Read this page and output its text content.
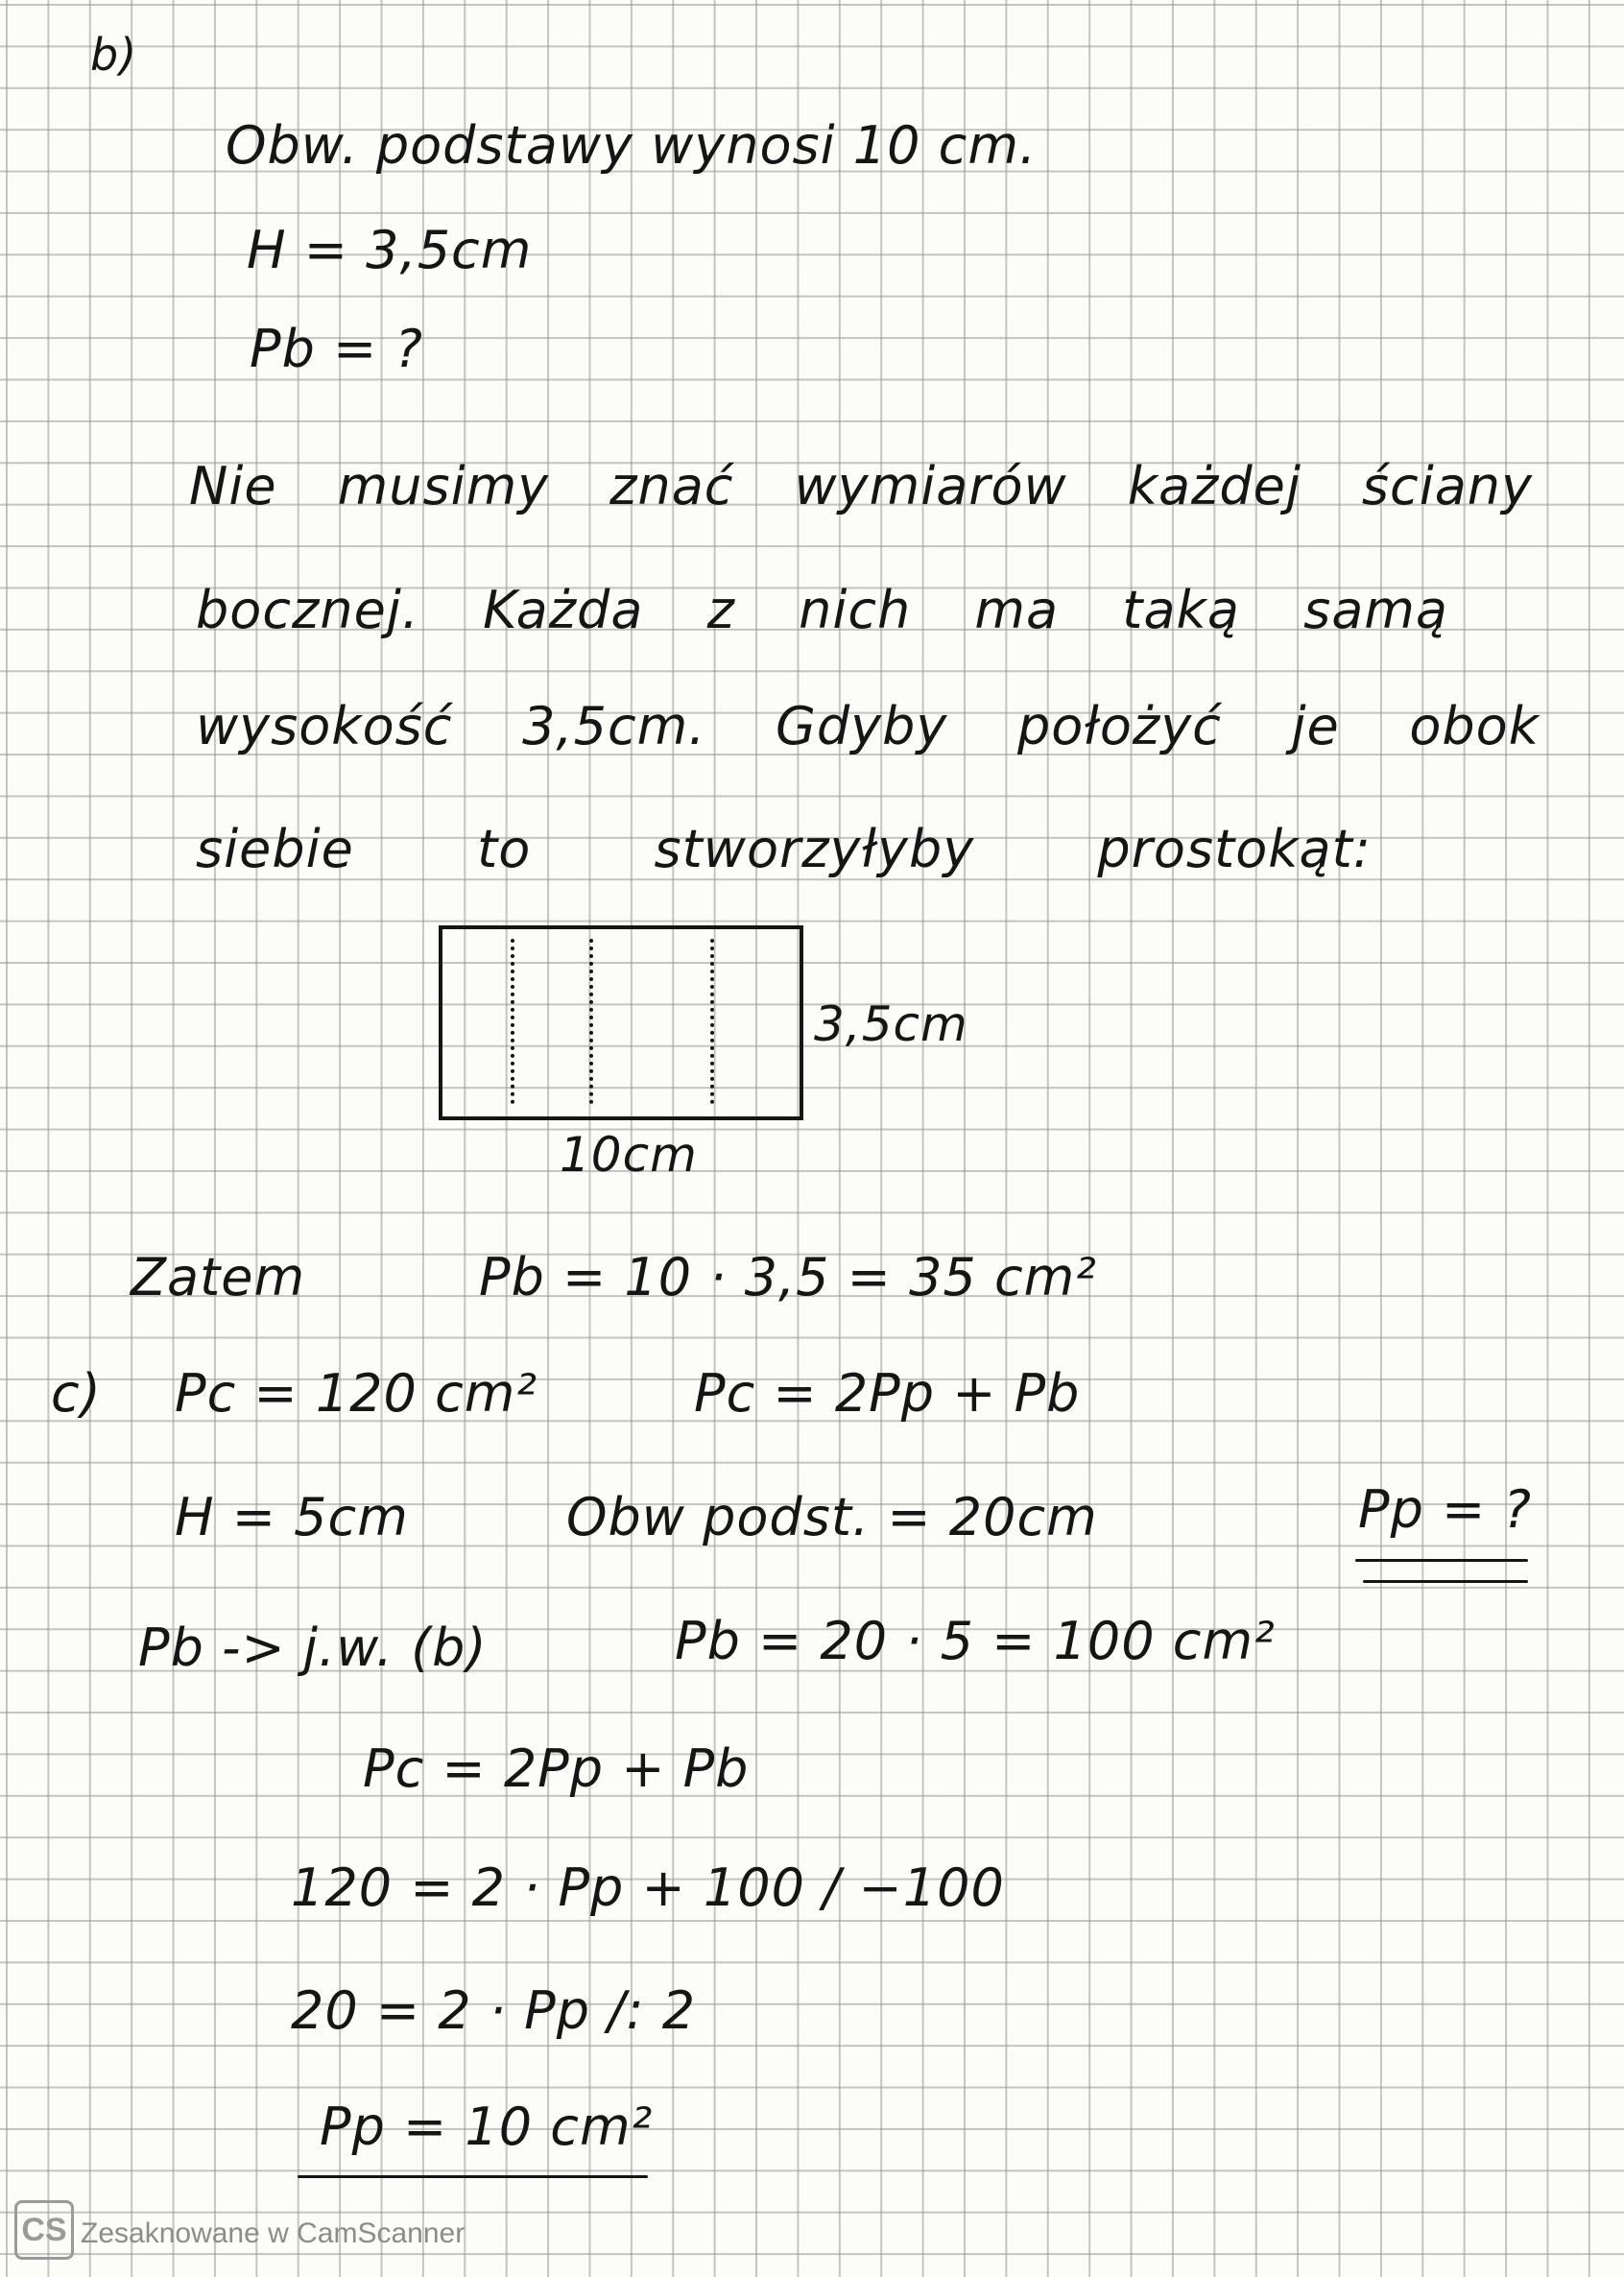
b)
Obw. podstawy wynosi 10 cm.
H = 3,5cm
Pb = ?
Nie musimy znać wymiarów każdej ściany
bocznej. Każda z nich ma taką samą
wysokość 3,5cm. Gdyby położyć je obok
siebie to stworzyłyby prostokąt:
3,5cm
10cm
Zatem	Pb = 10 · 3,5 = 35 cm²
c) Pc = 120 cm²	Pc = 2Pp + Pb
H = 5cm	Obw podst. = 20cm	Pp = ?
Pb -> j.w. (b)	Pb = 20 · 5 = 100 cm²
Pc = 2Pp + Pb
120 = 2 · Pp + 100 / −100
20 = 2 · Pp /: 2
Pp = 10 cm²
CS Zesaknowane w CamScanner
